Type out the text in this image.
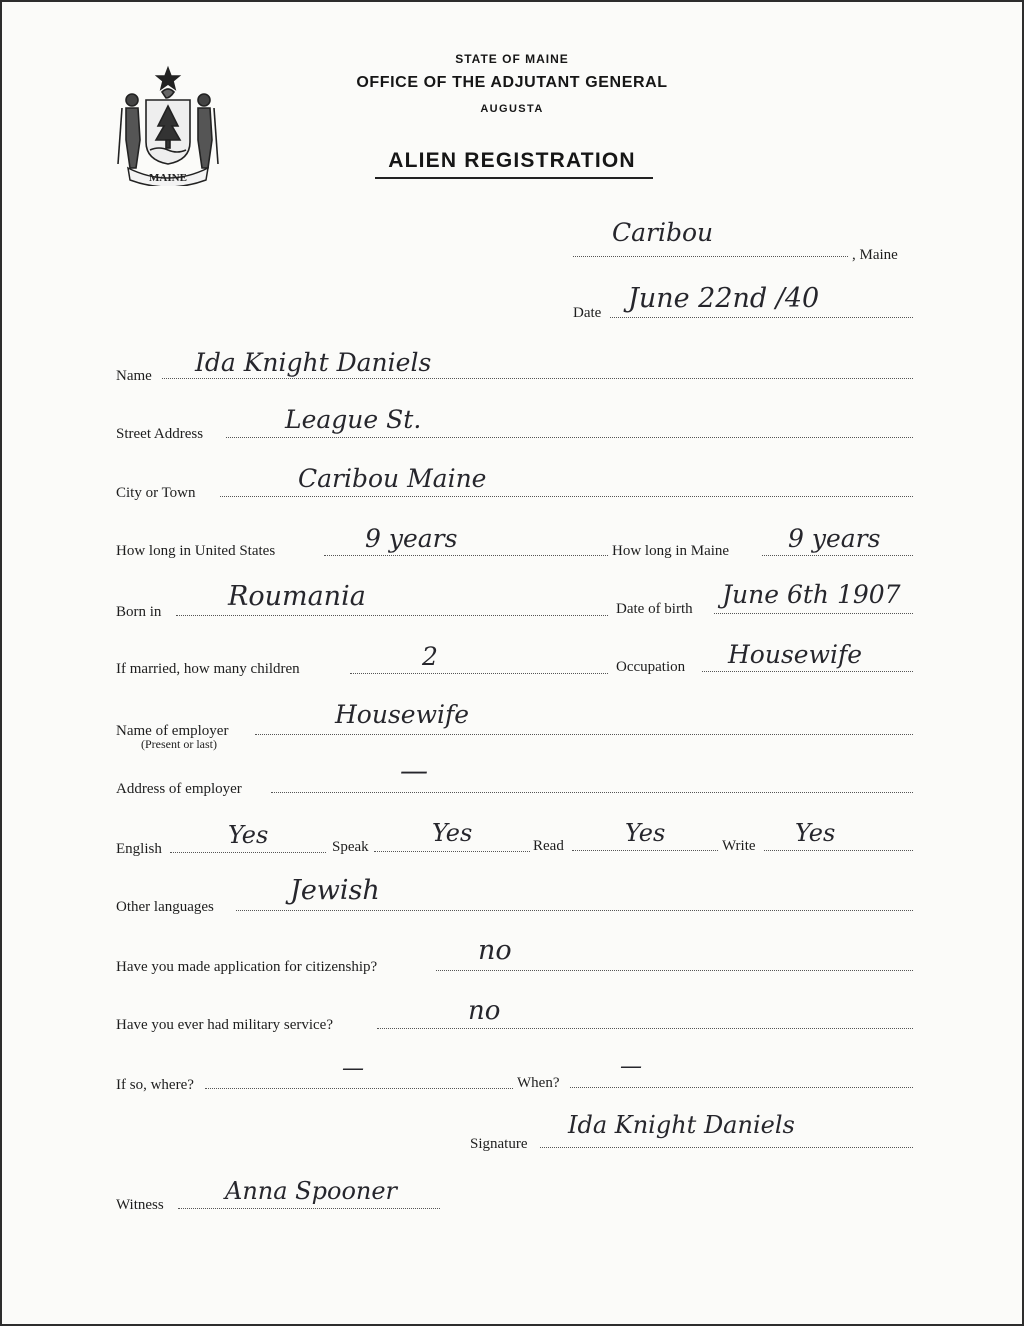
STATE OF MAINE
OFFICE OF THE ADJUTANT GENERAL
AUGUSTA
ALIEN REGISTRATION
MAINE
Caribou
, Maine
Date June 22nd /40
Name Ida Knight Daniels
Street Address	League St.
City or Town	Caribou Maine
How long in United States	9 years	How long in Maine 9 years
Born in Roumania	Date of birth June 6th 1907
If married, how many children	2	Occupation Housewife
Name of employer
(Present or last)
Housewife
Address of employer
—
English	Yes	Speak	Yes	Read	Yes	Write Yes
Other languages
Jewish
Have you made application for citizenship?
no
Have you ever had military service?	no
If so, where?
—
When?
—
Signature
Ida Knight Daniels
Witness	Anna Spooner
